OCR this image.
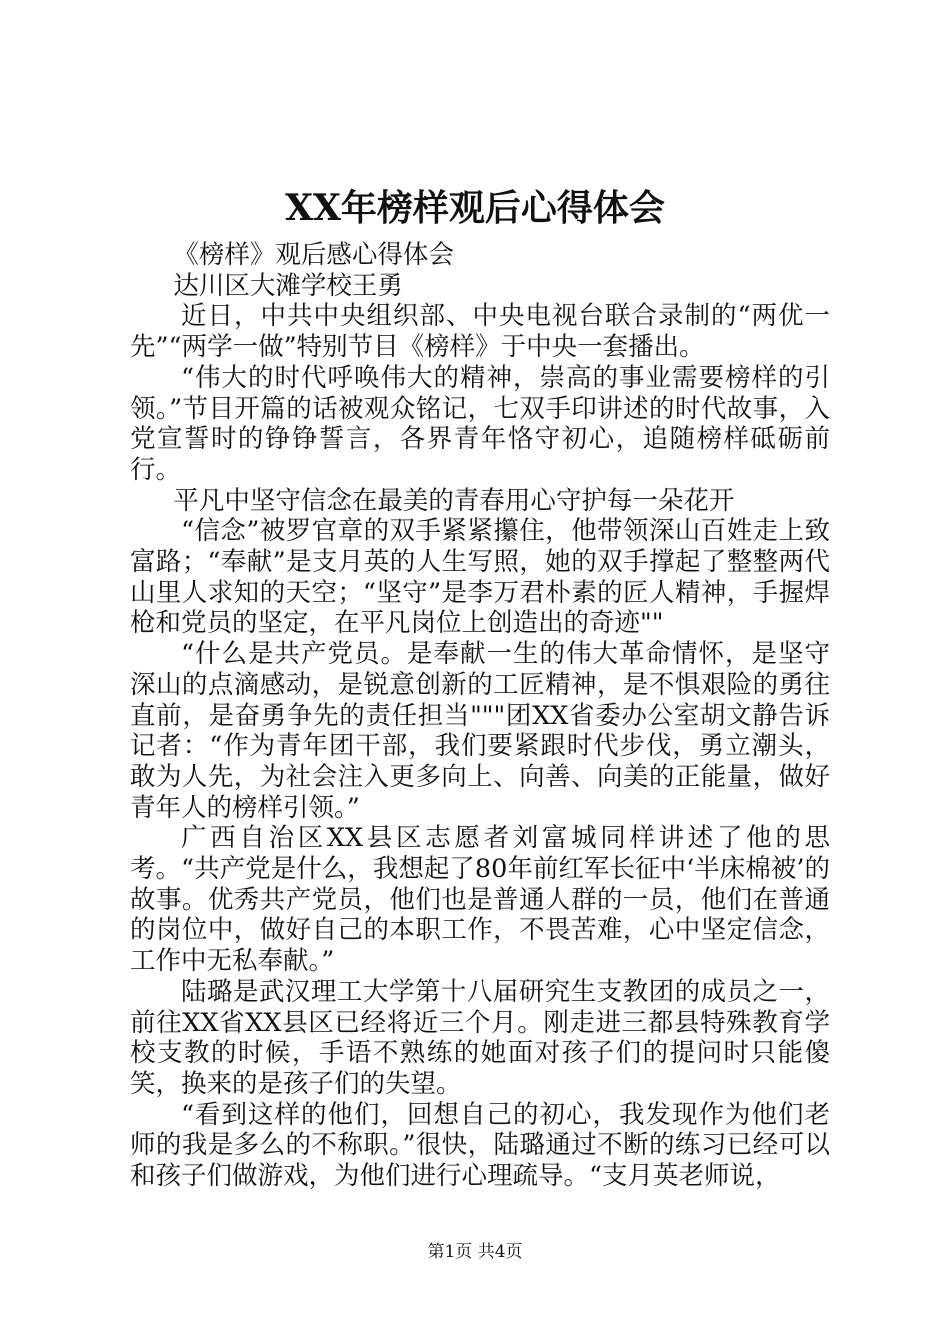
XX年榜样观后心得体会

《榜样》观后感心得体会

达川区大滩学校王勇

近日，中共中央组织部、中央电视台联合录制的“两优一先”“两学一做”特别节目《榜样》于中央一套播出。

“伟大的时代呼唤伟大的精神，崇高的事业需要榜样的引领。”节目开篇的话被观众铭记，七双手印讲述的时代故事，入党宣誓时的铮铮誓言，各界青年恪守初心，追随榜样砥砺前行。

平凡中坚守信念在最美的青春用心守护每一朵花开

“信念”被罗官章的双手紧紧攥住，他带领深山百姓走上致富路；“奉献”是支月英的人生写照，她的双手撑起了整整两代山里人求知的天空；“坚守”是李万君朴素的匠人精神，手握焊枪和党员的坚定，在平凡岗位上创造出的奇迹""

“什么是共产党员。是奉献一生的伟大革命情怀，是坚守深山的点滴感动，是锐意创新的工匠精神，是不惧艰险的勇往直前，是奋勇争先的责任担当"""团XX省委办公室胡文静告诉记者：“作为青年团干部，我们要紧跟时代步伐，勇立潮头，敢为人先，为社会注入更多向上、向善、向美的正能量，做好青年人的榜样引领。”

广西自治区XX县区志愿者刘富城同样讲述了他的思考。“共产党是什么，我想起了80年前红军长征中‘半床棉被’的故事。优秀共产党员，他们也是普通人群的一员，他们在普通的岗位中，做好自己的本职工作，不畏苦难，心中坚定信念，工作中无私奉献。”

陆璐是武汉理工大学第十八届研究生支教团的成员之一，前往XX省XX县区已经将近三个月。刚走进三都县特殊教育学校支教的时候，手语不熟练的她面对孩子们的提问时只能傻笑，换来的是孩子们的失望。

“看到这样的他们，回想自己的初心，我发现作为他们老师的我是多么的不称职。”很快，陆璐通过不断的练习已经可以和孩子们做游戏，为他们进行心理疏导。“支月英老师说，

第1页 共4页
